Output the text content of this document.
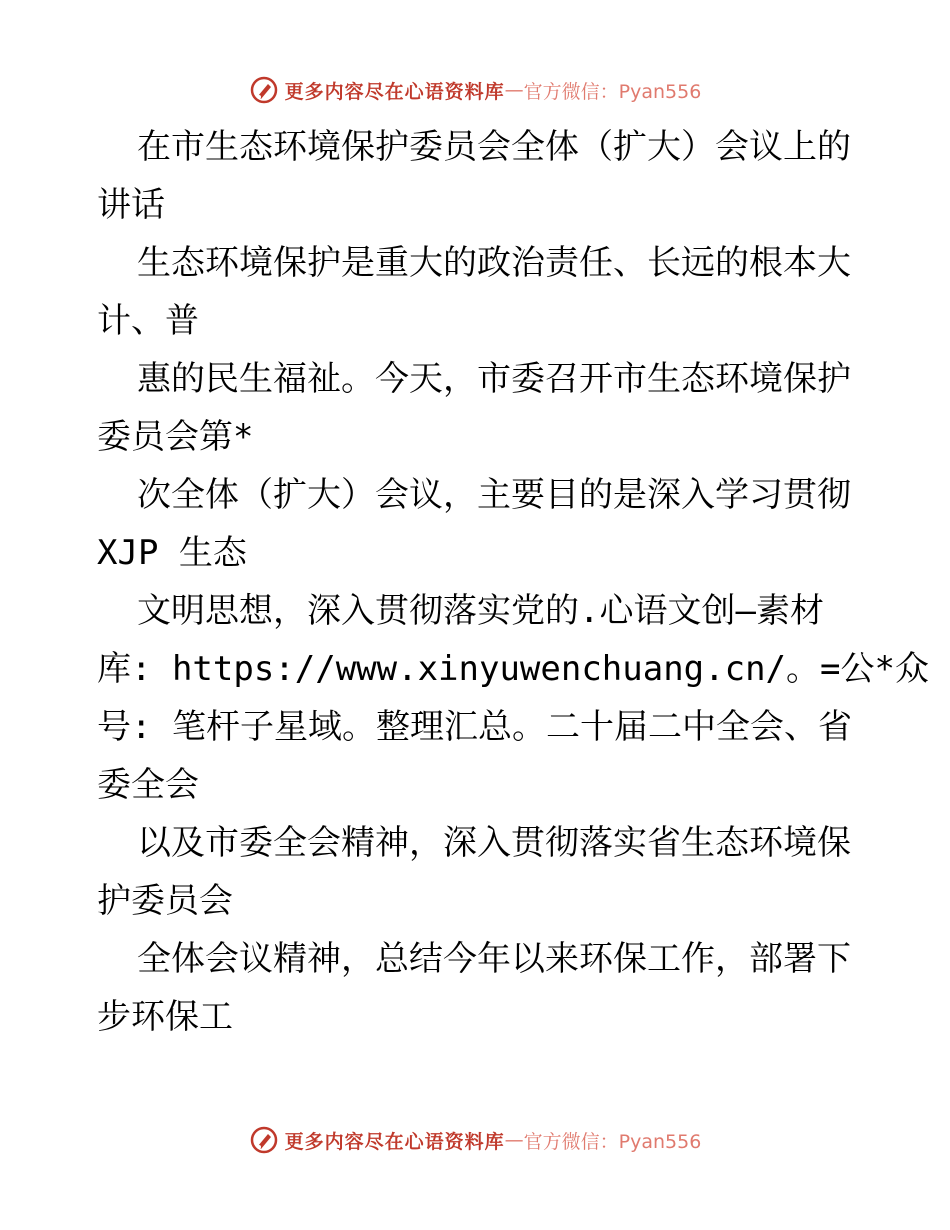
更多内容尽在心语资料库 — 官方微信：Pyan556
在市生态环境保护委员会全体（扩大）会议上的
讲话
生态环境保护是重大的政治责任、长远的根本大
计、普
惠的民生福祉。今天，市委召开市生态环境保护
委员会第*
次全体（扩大）会议，主要目的是深入学习贯彻
XJP 生态
文明思想，深入贯彻落实党的.心语文创—素材
库: https://www.xinyuwenchuang.cn/。=公*众
号: 笔杆子星域。整理汇总。二十届二中全会、省
委全会
以及市委全会精神，深入贯彻落实省生态环境保
护委员会
全体会议精神，总结今年以来环保工作，部署下
步环保工
更多内容尽在心语资料库 — 官方微信：Pyan556
